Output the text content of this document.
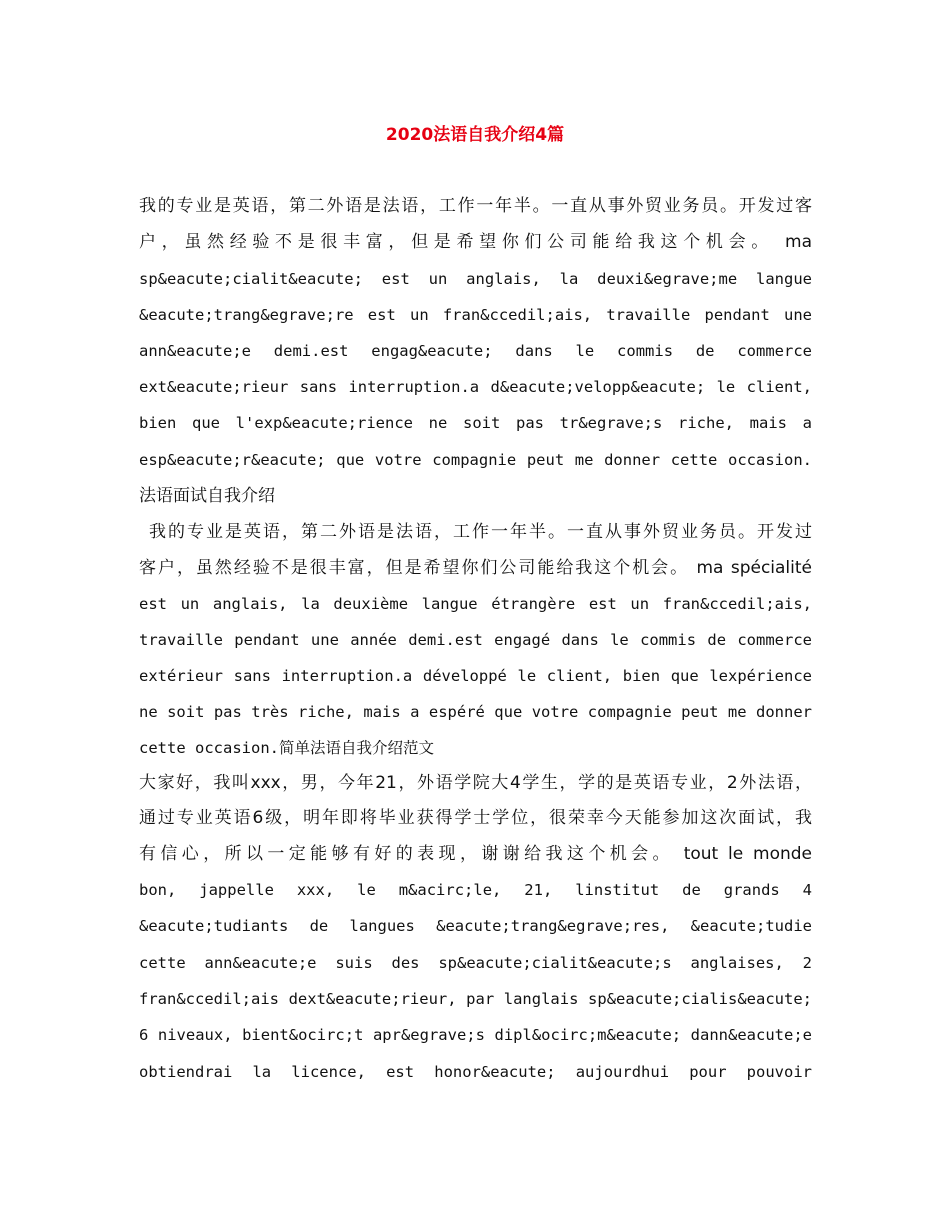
2020法语自我介绍4篇
我的专业是英语，第二外语是法语，工作一年半。一直从事外贸业务员。开发过客
户，虽然经验不是很丰富，但是希望你们公司能给我这个机会。 ma
sp&eacute;cialit&eacute; est un anglais, la deuxi&egrave;me langue
&eacute;trang&egrave;re est un fran&ccedil;ais, travaille pendant une
ann&eacute;e demi.est engag&eacute; dans le commis de commerce
ext&eacute;rieur sans interruption.a d&eacute;velopp&eacute; le client,
bien que l'exp&eacute;rience ne soit pas tr&egrave;s riche, mais a
esp&eacute;r&eacute; que votre compagnie peut me donner cette occasion.
法语面试自我介绍
我的专业是英语，第二外语是法语，工作一年半。一直从事外贸业务员。开发过
客户，虽然经验不是很丰富，但是希望你们公司能给我这个机会。 ma spécialité
est un anglais, la deuxième langue étrangère est un fran&ccedil;ais,
travaille pendant une année demi.est engagé dans le commis de commerce
extérieur sans interruption.a développé le client, bien que lexpérience
ne soit pas très riche, mais a espéré que votre compagnie peut me donner
cette occasion.简单法语自我介绍范文
大家好，我叫xxx，男，今年21，外语学院大4学生，学的是英语专业，2外法语，
通过专业英语6级，明年即将毕业获得学士学位，很荣幸今天能参加这次面试，我
有信心，所以一定能够有好的表现，谢谢给我这个机会。 tout le monde
bon, jappelle xxx, le m&acirc;le, 21, linstitut de grands 4
&eacute;tudiants de langues &eacute;trang&egrave;res, &eacute;tudie
cette ann&eacute;e suis des sp&eacute;cialit&eacute;s anglaises, 2
fran&ccedil;ais dext&eacute;rieur, par langlais sp&eacute;cialis&eacute;
6 niveaux, bient&ocirc;t apr&egrave;s dipl&ocirc;m&eacute; dann&eacute;e
obtiendrai la licence, est honor&eacute; aujourdhui pour pouvoir
